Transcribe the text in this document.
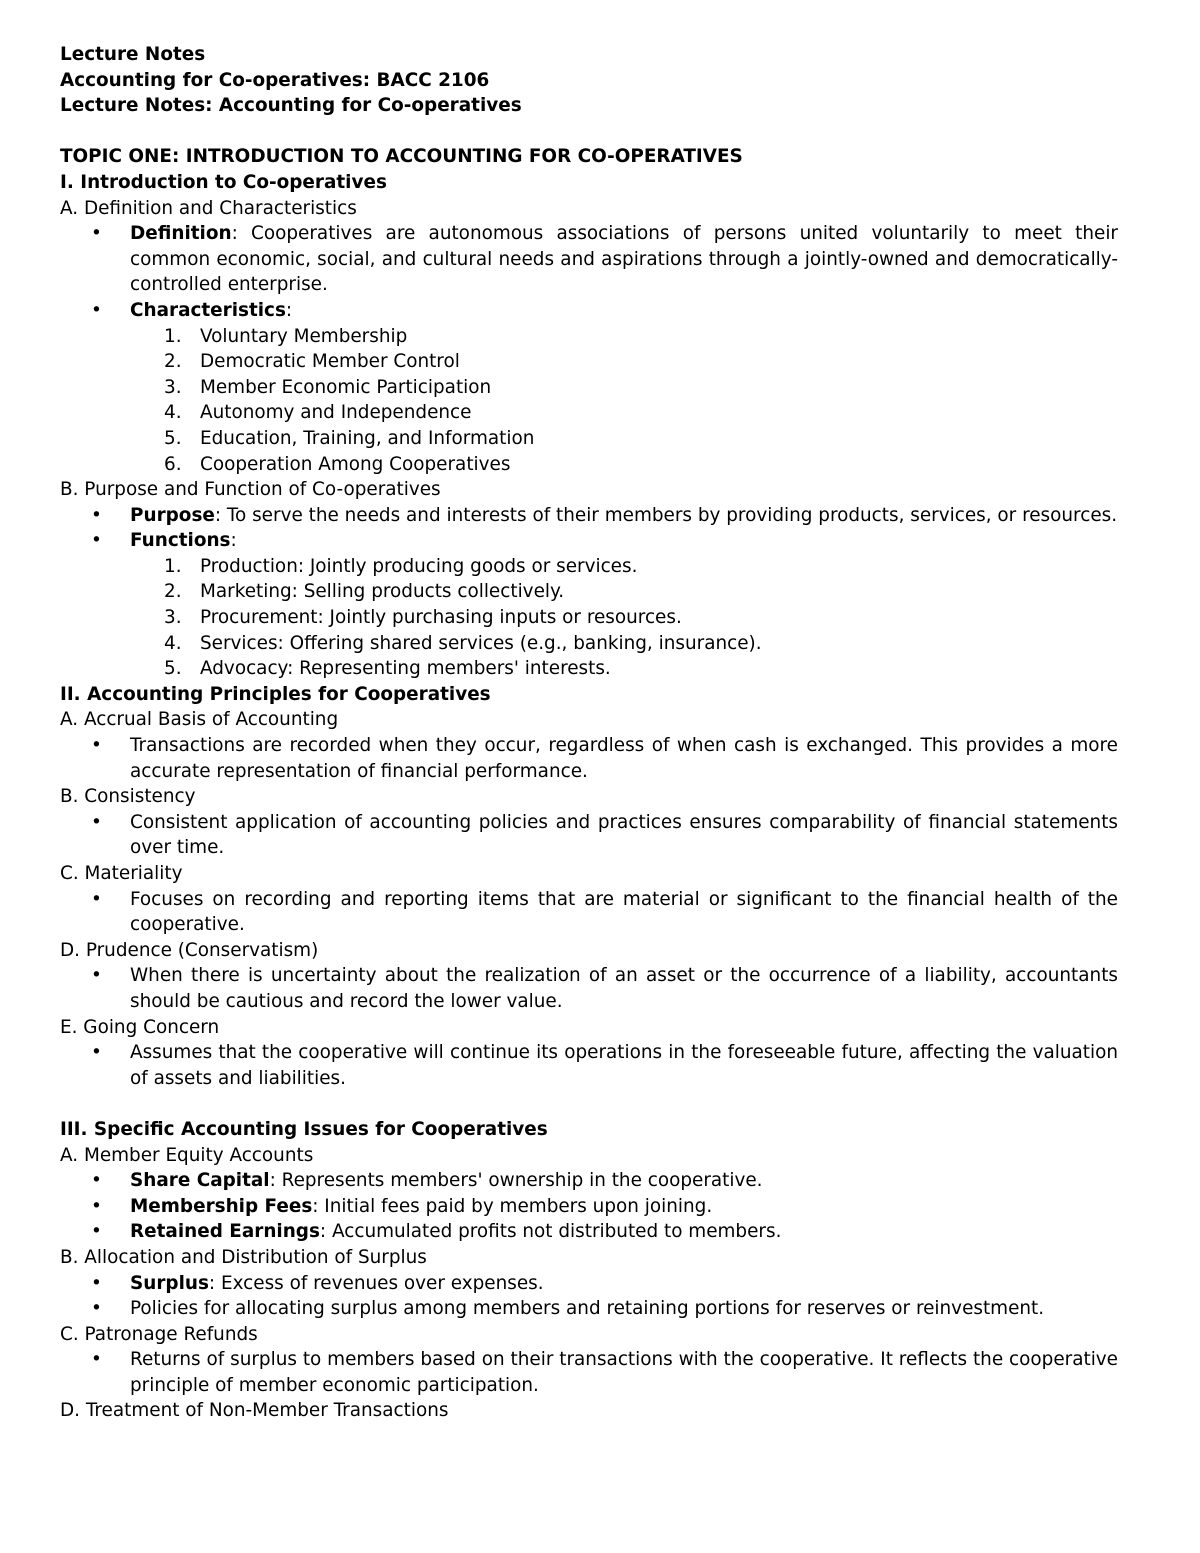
Lecture Notes
Accounting for Co-operatives: BACC 2106
Lecture Notes: Accounting for Co-operatives
TOPIC ONE: INTRODUCTION TO ACCOUNTING FOR CO-OPERATIVES
I. Introduction to Co-operatives
A. Definition and Characteristics
• Definition: Cooperatives are autonomous associations of persons united voluntarily to meet their common economic, social, and cultural needs and aspirations through a jointly-owned and democratically-controlled enterprise.
• Characteristics:
1.	Voluntary Membership
2.	Democratic Member Control
3.	Member Economic Participation
4.	Autonomy and Independence
5.	Education, Training, and Information
6.	Cooperation Among Cooperatives
B. Purpose and Function of Co-operatives
• Purpose: To serve the needs and interests of their members by providing products, services, or resources.
• Functions:
1.	Production: Jointly producing goods or services.
2.	Marketing: Selling products collectively.
3.	Procurement: Jointly purchasing inputs or resources.
4.	Services: Offering shared services (e.g., banking, insurance).
5.	Advocacy: Representing members' interests.
II. Accounting Principles for Cooperatives
A. Accrual Basis of Accounting
• Transactions are recorded when they occur, regardless of when cash is exchanged. This provides a more accurate representation of financial performance.
B. Consistency
• Consistent application of accounting policies and practices ensures comparability of financial statements over time.
C. Materiality
• Focuses on recording and reporting items that are material or significant to the financial health of the cooperative.
D. Prudence (Conservatism)
• When there is uncertainty about the realization of an asset or the occurrence of a liability, accountants should be cautious and record the lower value.
E. Going Concern
• Assumes that the cooperative will continue its operations in the foreseeable future, affecting the valuation of assets and liabilities.
III. Specific Accounting Issues for Cooperatives
A. Member Equity Accounts
• Share Capital: Represents members' ownership in the cooperative.
• Membership Fees: Initial fees paid by members upon joining.
• Retained Earnings: Accumulated profits not distributed to members.
B. Allocation and Distribution of Surplus
• Surplus: Excess of revenues over expenses.
• Policies for allocating surplus among members and retaining portions for reserves or reinvestment.
C. Patronage Refunds
• Returns of surplus to members based on their transactions with the cooperative. It reflects the cooperative principle of member economic participation.
D. Treatment of Non-Member Transactions
